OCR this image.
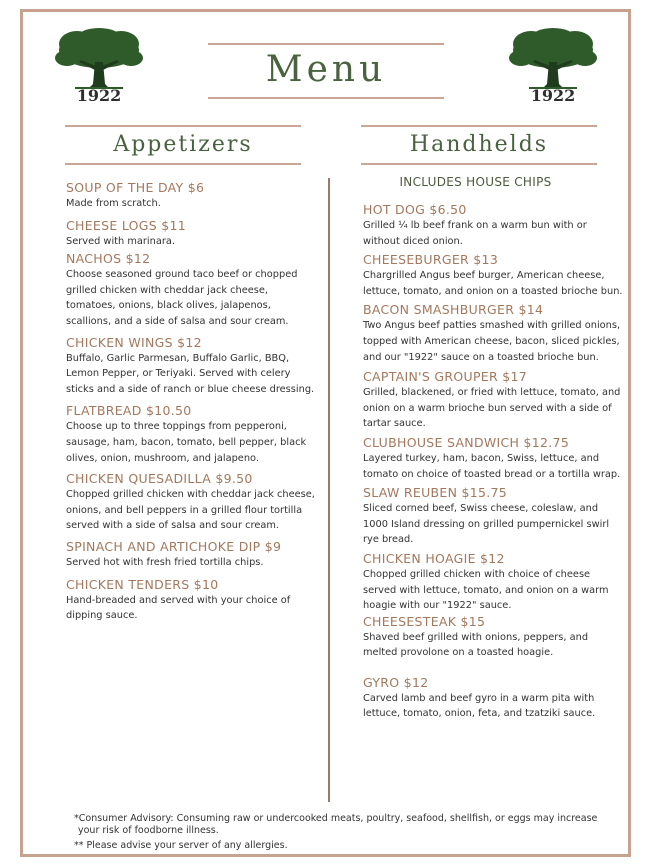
1922	1922
Menu
Appetizers	Handhelds

SOUP OF THE DAY $6

Made from scratch.

CHEESE LOGS $11

Served with marinara.

NACHOS $12

Choose seasoned ground taco beef or chopped grilled chicken with cheddar jack cheese, tomatoes, onions, black olives, jalapenos, scallions, and a side of salsa and sour cream.

CHICKEN WINGS $12

Buffalo, Garlic Parmesan, Buffalo Garlic, BBQ, Lemon Pepper, or Teriyaki. Served with celery sticks and a side of ranch or blue cheese dressing.

FLATBREAD $10.50

Choose up to three toppings from pepperoni, sausage, ham, bacon, tomato, bell pepper, black olives, onion, mushroom, and jalapeno.

CHICKEN QUESADILLA $9.50

Chopped grilled chicken with cheddar jack cheese, onions, and bell peppers in a grilled flour tortilla served with a side of salsa and sour cream.

SPINACH AND ARTICHOKE DIP $9

Served hot with fresh fried tortilla chips.

CHICKEN TENDERS $10

Hand-breaded and served with your choice of dipping sauce.

INCLUDES HOUSE CHIPS

HOT DOG $6.50

Grilled ¼ lb beef frank on a warm bun with or without diced onion.

CHEESEBURGER $13

Chargrilled Angus beef burger, American cheese, lettuce, tomato, and onion on a toasted brioche bun.

BACON SMASHBURGER $14

Two Angus beef patties smashed with grilled onions, topped with American cheese, bacon, sliced pickles, and our "1922" sauce on a toasted brioche bun.

CAPTAIN'S GROUPER $17

Grilled, blackened, or fried with lettuce, tomato, and onion on a warm brioche bun served with a side of tartar sauce.

CLUBHOUSE SANDWICH $12.75

Layered turkey, ham, bacon, Swiss, lettuce, and tomato on choice of toasted bread or a tortilla wrap.

SLAW REUBEN $15.75

Sliced corned beef, Swiss cheese, coleslaw, and 1000 Island dressing on grilled pumpernickel swirl rye bread.

CHICKEN HOAGIE $12

Chopped grilled chicken with choice of cheese served with lettuce, tomato, and onion on a warm hoagie with our "1922" sauce.

CHEESESTEAK $15

Shaved beef grilled with onions, peppers, and melted provolone on a toasted hoagie.

GYRO $12

Carved lamb and beef gyro in a warm pita with lettuce, tomato, onion, feta, and tzatziki sauce.

*Consumer Advisory: Consuming raw or undercooked meats, poultry, seafood, shellfish, or eggs may increase
your risk of foodborne illness.
** Please advise your server of any allergies.
